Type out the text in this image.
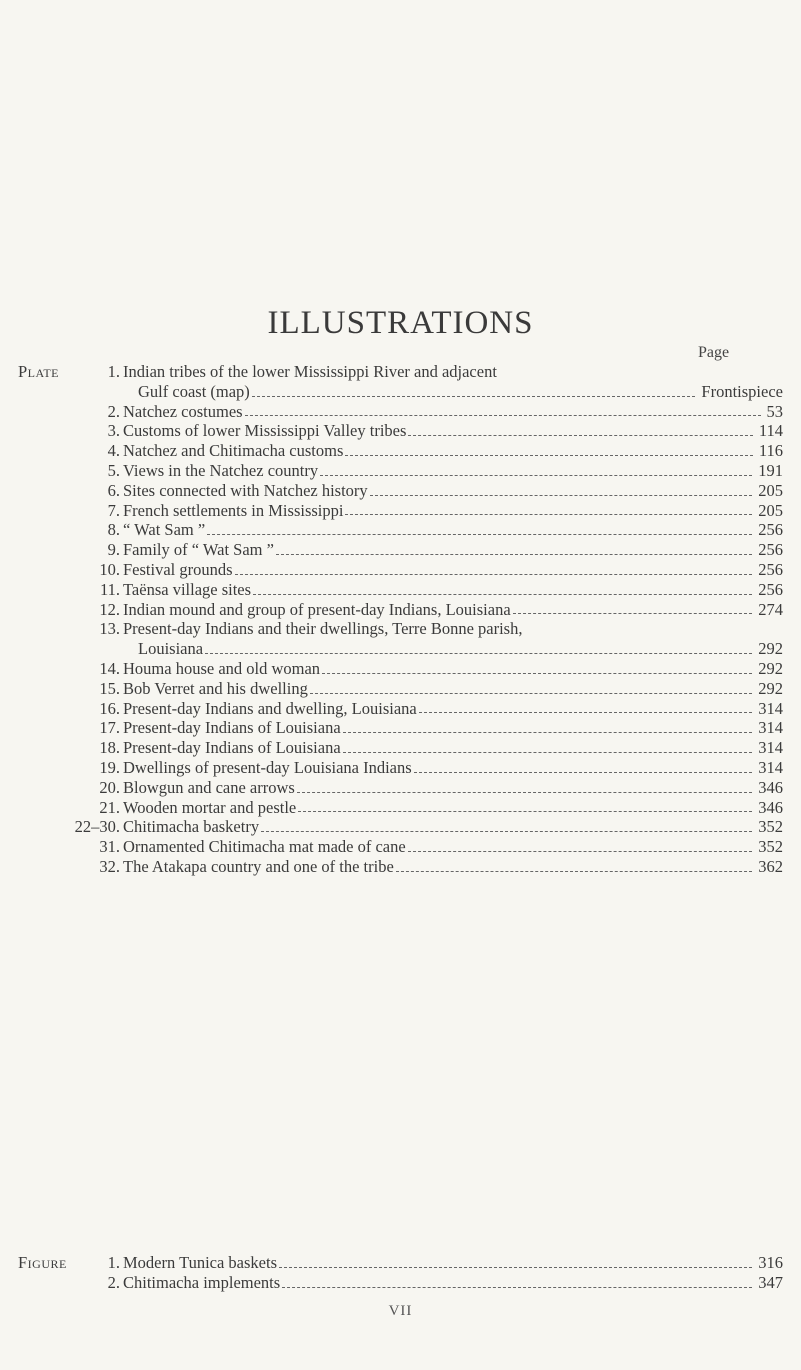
ILLUSTRATIONS
Page
Plate	1. Indian tribes of the lower Mississippi River and adjacent
Gulf coast (map)	Frontispiece
2. Natchez costumes	53
3. Customs of lower Mississippi Valley tribes	114
4. Natchez and Chitimacha customs	116
5. Views in the Natchez country	191
6. Sites connected with Natchez history	205
7. French settlements in Mississippi	205
8. “ Wat Sam ”	256
9. Family of “ Wat Sam ”	256
10. Festival grounds	256
11. Taënsa village sites	256
12. Indian mound and group of present-day Indians, Louisiana	274
13. Present-day Indians and their dwellings, Terre Bonne parish,
Louisiana	292
14. Houma house and old woman	292
15. Bob Verret and his dwelling	292
16. Present-day Indians and dwelling, Louisiana	314
17. Present-day Indians of Louisiana	314
18. Present-day Indians of Louisiana	314
19. Dwellings of present-day Louisiana Indians	314
20. Blowgun and cane arrows	346
21. Wooden mortar and pestle	346
22–30. Chitimacha basketry	352
31. Ornamented Chitimacha mat made of cane	352
32. The Atakapa country and one of the tribe	362
Figure	1. Modern Tunica baskets	316
2. Chitimacha implements	347
VII
